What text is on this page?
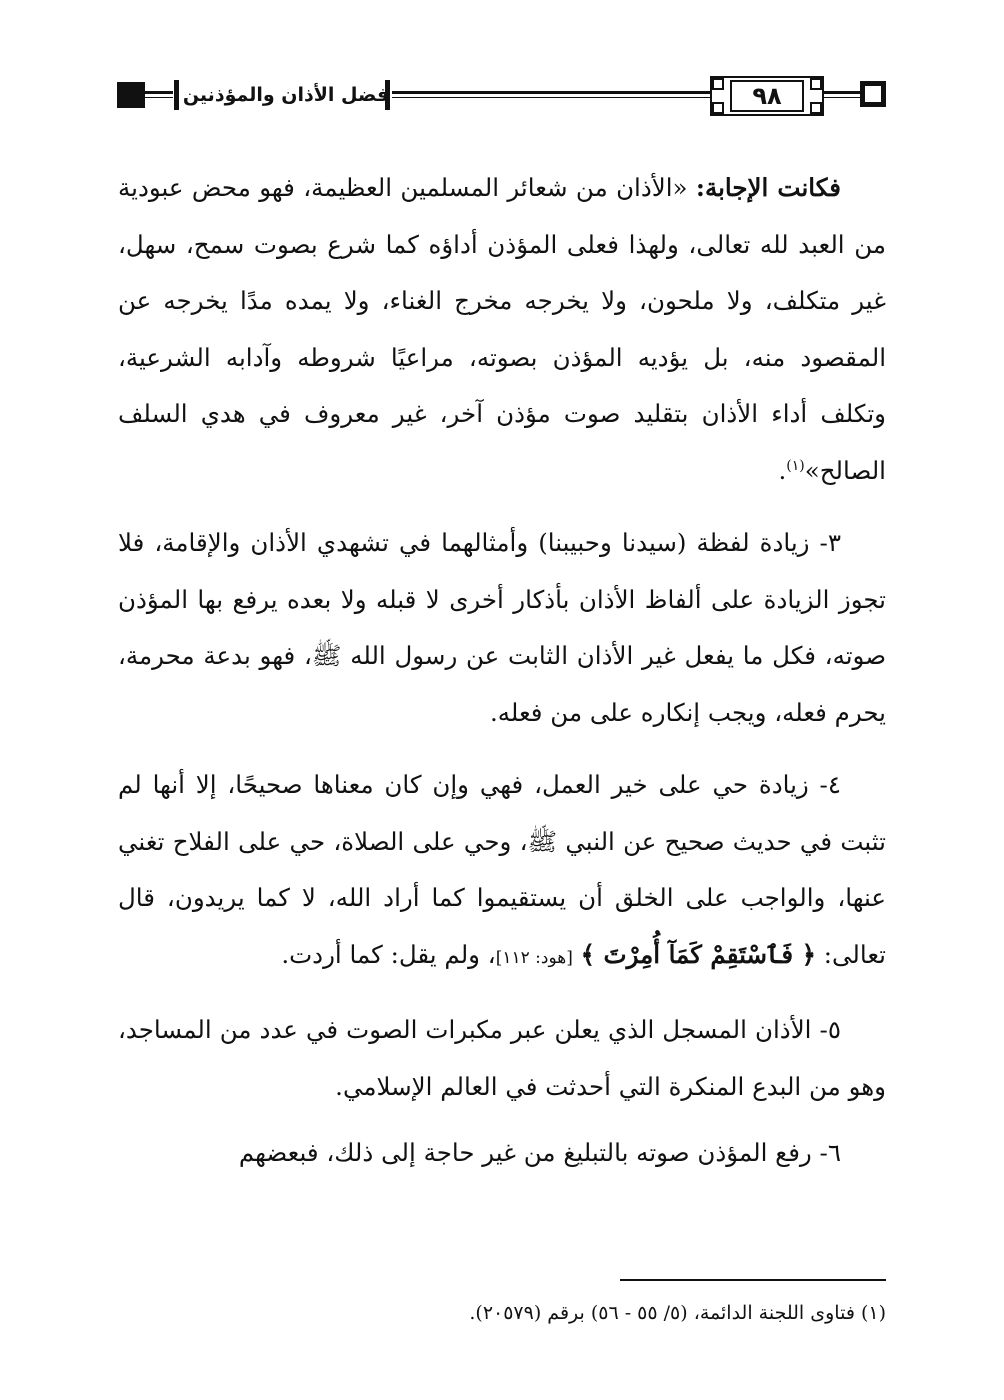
٩٨
فضل الأذان والمؤذنين

فكانت الإجابة: «الأذان من شعائر المسلمين العظيمة، فهو محض عبودية من العبد لله تعالى، ولهذا فعلى المؤذن أداؤه كما شرع بصوت سمح، سهل، غير متكلف، ولا ملحون، ولا يخرجه مخرج الغناء، ولا يمده مدًا يخرجه عن المقصود منه، بل يؤديه المؤذن بصوته، مراعيًا شروطه وآدابه الشرعية، وتكلف أداء الأذان بتقليد صوت مؤذن آخر، غير معروف في هدي السلف الصالح»$^{(١)}$.

٣- زيادة لفظة (سيدنا وحبيبنا) وأمثالهما في تشهدي الأذان والإقامة، فلا تجوز الزيادة على ألفاظ الأذان بأذكار أخرى لا قبله ولا بعده يرفع بها المؤذن صوته، فكل ما يفعل غير الأذان الثابت عن رسول الله ﷺ، فهو بدعة محرمة، يحرم فعله، ويجب إنكاره على من فعله.

٤- زيادة حي على خير العمل، فهي وإن كان معناها صحيحًا، إلا أنها لم تثبت في حديث صحيح عن النبي ﷺ، وحي على الصلاة، حي على الفلاح تغني عنها، والواجب على الخلق أن يستقيموا كما أراد الله، لا كما يريدون، قال تعالى: ﴿ فَٱسْتَقِمْ كَمَآ أُمِرْتَ ﴾ [هود: ١١٢]، ولم يقل: كما أردت.

٥- الأذان المسجل الذي يعلن عبر مكبرات الصوت في عدد من المساجد، وهو من البدع المنكرة التي أحدثت في العالم الإسلامي.

٦- رفع المؤذن صوته بالتبليغ من غير حاجة إلى ذلك، فبعضهم

(١) فتاوى اللجنة الدائمة، (٥/ ٥٥ - ٥٦) برقم (٢٠٥٧٩).
